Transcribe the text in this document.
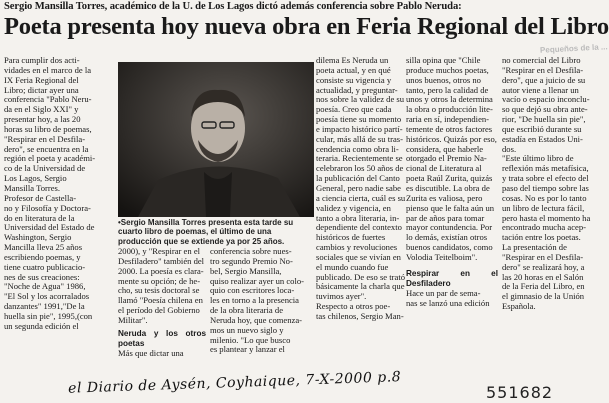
Sergio Mansilla Torres, académico de la U. de Los Lagos dictó además conferencia sobre Pablo Neruda:
Poeta presenta hoy nueva obra en Feria Regional del Libro
Pequeños de la ...
Para cumplir dos acti-
vidades en el marco de la
IX Feria Regional del
Libro; dictar ayer una
conferencia "Pablo Neru-
da en el Siglo XXI" y
presentar hoy, a las 20
horas su libro de poemas,
"Respirar en el Desfila-
dero", se encuentra en la
región el poeta y académi-
co de la Universidad de
Los Lagos, Sergio
Mansilla Torres.
Profesor de Castella-
no y Filosofía y Doctora-
do en literatura de la
Universidad del Estado de
Washington, Sergio
Mancilla lleva 25 años
escribiendo poemas, y
tiene cuatro publicacio-
nes de sus creaciones:
"Noche de Agua" 1986,
"El Sol y los acorralados
danzantes" 1991,"De la
huella sin pie", 1995,(con
un segunda edición el
•Sergio Mansilla Torres presenta esta tarde su cuarto libro de poemas, el último de una producción que se extiende ya por 25 años.
2000), y "Respirar en el
Desfiladero" también del
2000. La poesía es clara-
mente su opción; de he-
cho, su tesis doctoral se
llamó "Poesía chilena en
el período del Gobierno
Militar".
Neruda y los otros poetas
Más que dictar una
conferencia sobre nues-
tro segundo Premio No-
bel, Sergio Mansilla,
quiso realizar ayer un colo-
quio con escritores loca-
les en torno a la presencia
de la obra literaria de
Neruda hoy, que comenza-
mos un nuevo siglo y
milenio. "Lo que busco
es plantear y lanzar el
dilema Es Neruda un
poeta actual, y en qué
consiste su vigencia y
actualidad, y preguntar-
nos sobre la validez de su
poesía. Creo que cada
poesía tiene su momento
e impacto histórico partí-
cular, más allá de su tras-
cendencia como obra li-
teraria. Recientemente se
celebraron los 50 años de
la publicación del Canto
General, pero nadie sabe
a ciencia cierta, cuál es su
validez y vigencia, en
tanto a obra literaria, in-
dependiente del contexto
históricos de fuertes
cambios y revoluciones
sociales que se vivían en
el mundo cuando fue
publicado. De eso se trató
básicamente la charla que
tuvimos ayer".
Respecto a otros poe-
tas chilenos, Sergio Man-
silla opina que "Chile
produce muchos poetas,
unos buenos, otros no
tanto, pero la calidad de
unos y otros la determina
la obra o producción lite-
raria en sí, independien-
temente de otros factores
históricos. Quizás por eso,
considera, que haberle
otorgado el Premio Na-
cional de Literatura al
poeta Raúl Zurita, quizás
es discutible. La obra de
Zurita es valiosa, pero
pienso que le falta aún un
par de años para tomar
mayor contundencia. Por
lo demás, existían otros
buenos candidatos, como
Volodia Teitelboim".
Respirar en el Desfiladero
Hace un par de sema-
nas se lanzó una edición
no comercial del Libro
"Respirar en el Desfila-
dero", que a juicio de su
autor viene a llenar un
vacío o espacio inconclu-
so que dejó su obra ante-
rior, "De huella sin pie",
que escribió durante su
estadía en Estados Uni-
dos.
"Este último libro de
reflexión más metafísica,
y trata sobre el efecto del
paso del tiempo sobre las
cosas. No es por lo tanto
un libro de lectura fácil,
pero hasta el momento ha
encontrado mucha acep-
tación entre los poetas.
La presentación de
"Respirar en el Desfila-
dero" se realizará hoy, a
las 20 horas en el Salón
de la Feria del Libro, en
el gimnasio de la Unión
Española.
el Diario de Aysén, Coyhaique, 7-X-2000 p.8	551682
